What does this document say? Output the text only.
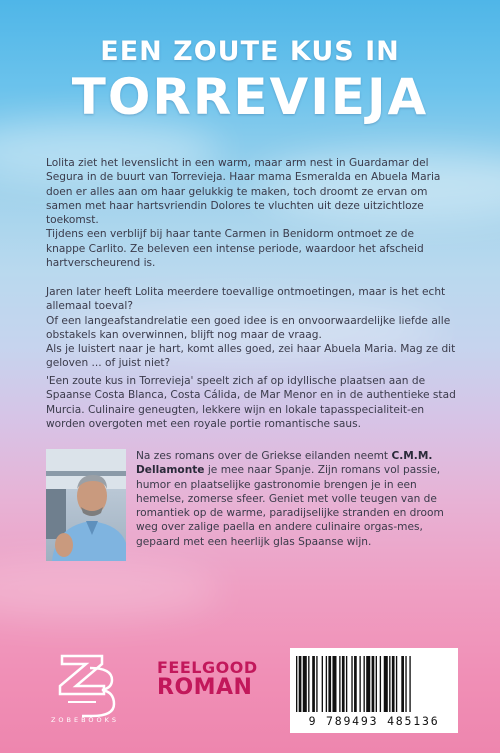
EEN ZOUTE KUS IN
TORREVIEJA

Lolita ziet het levenslicht in een warm, maar arm nest in Guardamar del Segura in de buurt van Torrevieja. Haar mama Esmeralda en Abuela Maria doen er alles aan om haar gelukkig te maken, toch droomt ze ervan om samen met haar hartsvriendin Dolores te vluchten uit deze uitzichtloze toekomst.

Tijdens een verblijf bij haar tante Carmen in Benidorm ontmoet ze de knappe Carlito. Ze beleven een intense periode, waardoor het afscheid hartverscheurend is.

Jaren later heeft Lolita meerdere toevallige ontmoetingen, maar is het echt allemaal toeval?

Of een langeafstandrelatie een goed idee is en onvoorwaardelijke liefde alle obstakels kan overwinnen, blijft nog maar de vraag.

Als je luistert naar je hart, komt alles goed, zei haar Abuela Maria. Mag ze dit geloven ... of juist niet?

'Een zoute kus in Torrevieja' speelt zich af op idyllische plaatsen aan de Spaanse Costa Blanca, Costa Cálida, de Mar Menor en in de authentieke stad Murcia. Culinaire geneugten, lekkere wijn en lokale tapasspecialiteit-en worden overgoten met een royale portie romantische saus.

Na zes romans over de Griekse eilanden neemt C.M.M. Dellamonte je mee naar Spanje. Zijn romans vol passie, humor en plaatselijke gastronomie brengen je in een hemelse, zomerse sfeer. Geniet met volle teugen van de romantiek op de warme, paradijselijke stranden en droom weg over zalige paella en andere culinaire orgas-mes, gepaard met een heerlijk glas Spaanse wijn.

ZOBEBOOKS
FEELGOOD
ROMAN
9 789493 485136
